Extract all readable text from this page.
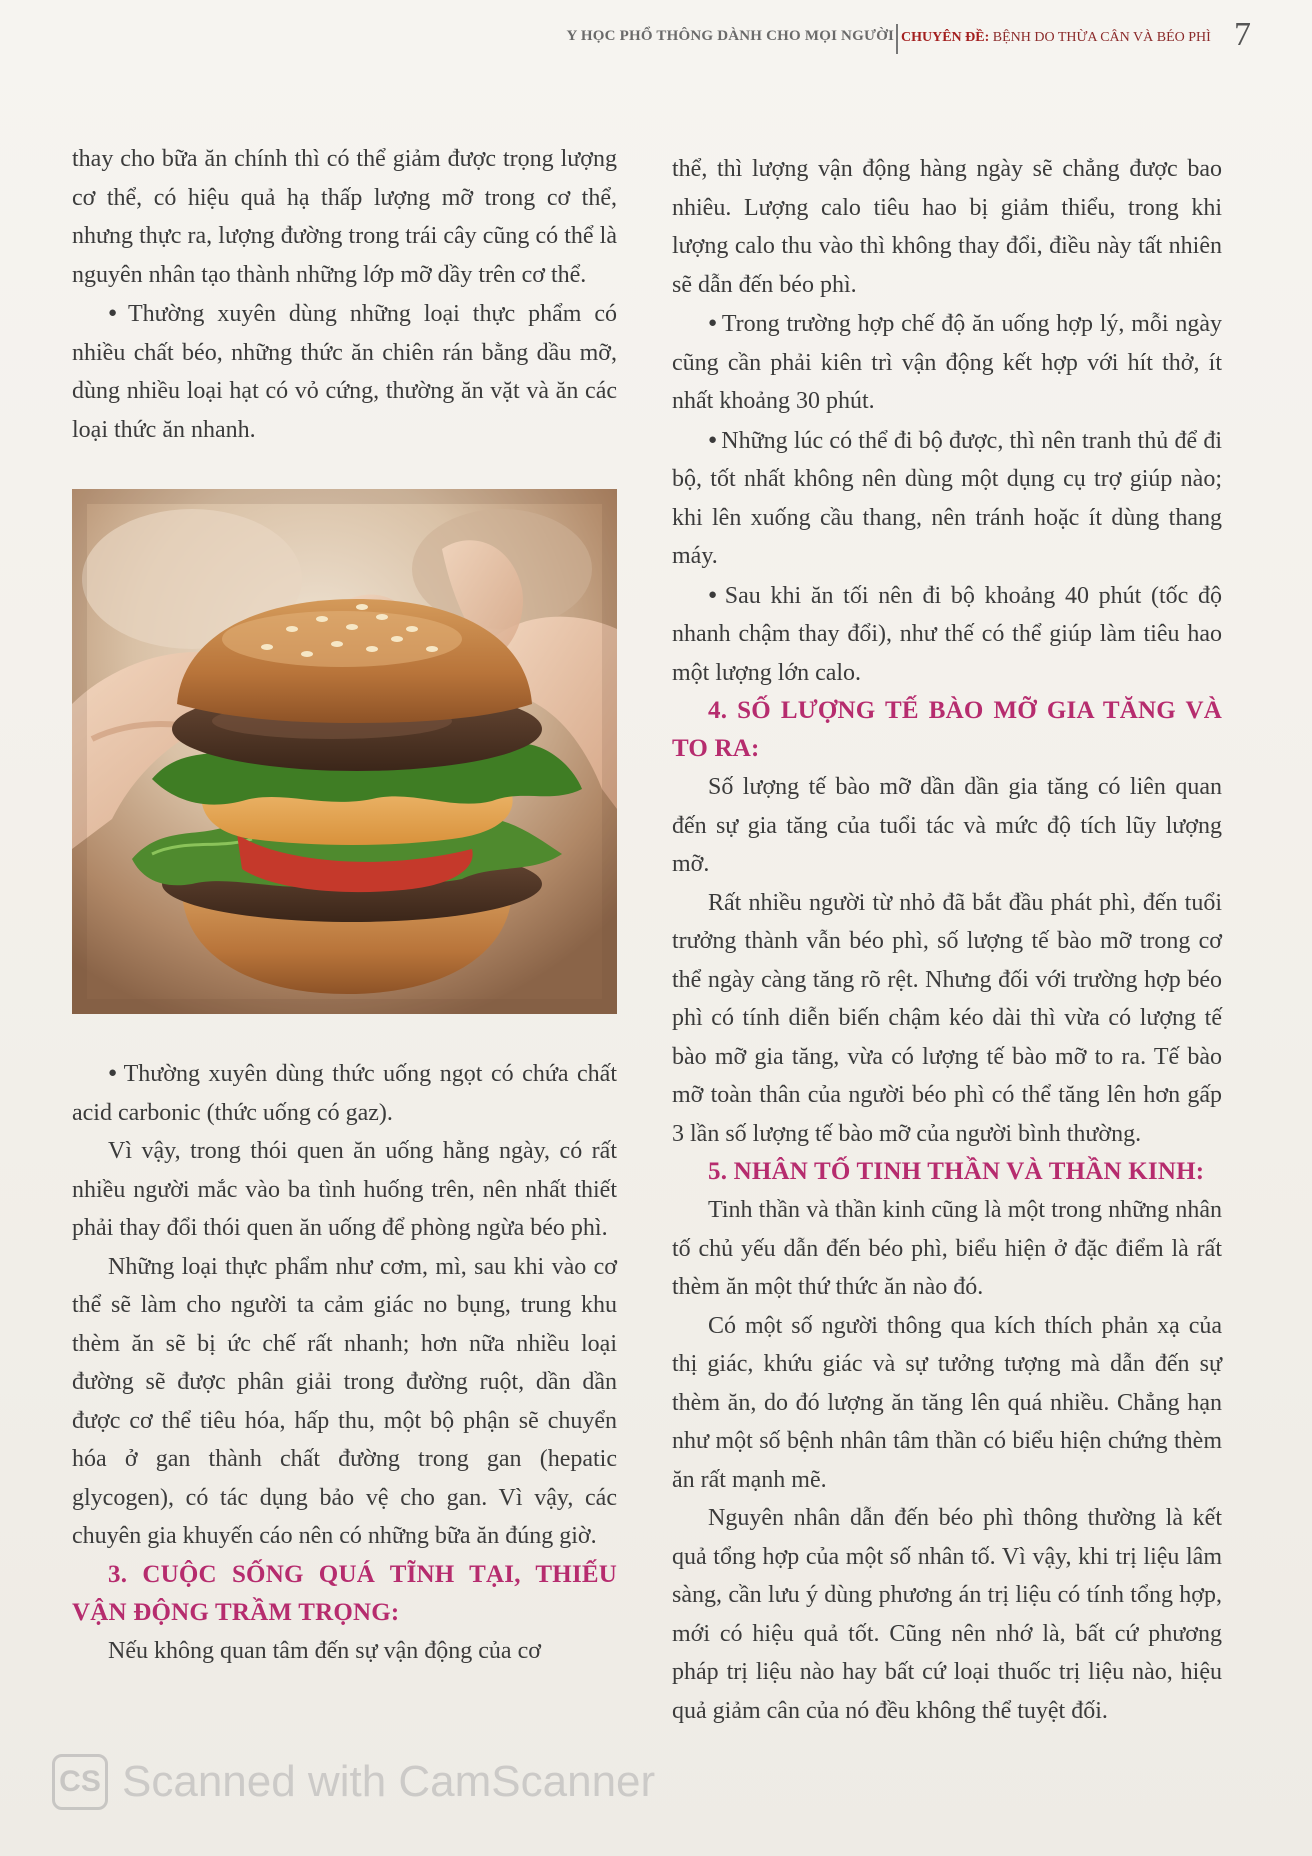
Y HỌC PHỔ THÔNG DÀNH CHO MỌI NGƯỜI CHUYÊN ĐỀ: BỆNH DO THỪA CÂN VÀ BÉO PHÌ 7

thay cho bữa ăn chính thì có thể giảm được trọng lượng cơ thể, có hiệu quả hạ thấp lượng mỡ trong cơ thể, nhưng thực ra, lượng đường trong trái cây cũng có thể là nguyên nhân tạo thành những lớp mỡ dầy trên cơ thể.

● Thường xuyên dùng những loại thực phẩm có nhiều chất béo, những thức ăn chiên rán bằng dầu mỡ, dùng nhiều loại hạt có vỏ cứng, thường ăn vặt và ăn các loại thức ăn nhanh.

● Thường xuyên dùng thức uống ngọt có chứa chất acid carbonic (thức uống có gaz).

Vì vậy, trong thói quen ăn uống hằng ngày, có rất nhiều người mắc vào ba tình huống trên, nên nhất thiết phải thay đổi thói quen ăn uống để phòng ngừa béo phì.

Những loại thực phẩm như cơm, mì, sau khi vào cơ thể sẽ làm cho người ta cảm giác no bụng, trung khu thèm ăn sẽ bị ức chế rất nhanh; hơn nữa nhiều loại đường sẽ được phân giải trong đường ruột, dần dần được cơ thể tiêu hóa, hấp thu, một bộ phận sẽ chuyển hóa ở gan thành chất đường trong gan (hepatic glycogen), có tác dụng bảo vệ cho gan. Vì vậy, các chuyên gia khuyến cáo nên có những bữa ăn đúng giờ.

3. CUỘC SỐNG QUÁ TĨNH TẠI, THIẾU VẬN ĐỘNG TRẦM TRỌNG:

Nếu không quan tâm đến sự vận động của cơ

thể, thì lượng vận động hàng ngày sẽ chẳng được bao nhiêu. Lượng calo tiêu hao bị giảm thiểu, trong khi lượng calo thu vào thì không thay đổi, điều này tất nhiên sẽ dẫn đến béo phì.

● Trong trường hợp chế độ ăn uống hợp lý, mỗi ngày cũng cần phải kiên trì vận động kết hợp với hít thở, ít nhất khoảng 30 phút.

● Những lúc có thể đi bộ được, thì nên tranh thủ để đi bộ, tốt nhất không nên dùng một dụng cụ trợ giúp nào; khi lên xuống cầu thang, nên tránh hoặc ít dùng thang máy.

● Sau khi ăn tối nên đi bộ khoảng 40 phút (tốc độ nhanh chậm thay đổi), như thế có thể giúp làm tiêu hao một lượng lớn calo.

4. SỐ LƯỢNG TẾ BÀO MỠ GIA TĂNG VÀ TO RA:

Số lượng tế bào mỡ dần dần gia tăng có liên quan đến sự gia tăng của tuổi tác và mức độ tích lũy lượng mỡ.

Rất nhiều người từ nhỏ đã bắt đầu phát phì, đến tuổi trưởng thành vẫn béo phì, số lượng tế bào mỡ trong cơ thể ngày càng tăng rõ rệt. Nhưng đối với trường hợp béo phì có tính diễn biến chậm kéo dài thì vừa có lượng tế bào mỡ gia tăng, vừa có lượng tế bào mỡ to ra. Tế bào mỡ toàn thân của người béo phì có thể tăng lên hơn gấp 3 lần số lượng tế bào mỡ của người bình thường.

5. NHÂN TỐ TINH THẦN VÀ THẦN KINH:

Tinh thần và thần kinh cũng là một trong những nhân tố chủ yếu dẫn đến béo phì, biểu hiện ở đặc điểm là rất thèm ăn một thứ thức ăn nào đó.

Có một số người thông qua kích thích phản xạ của thị giác, khứu giác và sự tưởng tượng mà dẫn đến sự thèm ăn, do đó lượng ăn tăng lên quá nhiều. Chẳng hạn như một số bệnh nhân tâm thần có biểu hiện chứng thèm ăn rất mạnh mẽ.

Nguyên nhân dẫn đến béo phì thông thường là kết quả tổng hợp của một số nhân tố. Vì vậy, khi trị liệu lâm sàng, cần lưu ý dùng phương án trị liệu có tính tổng hợp, mới có hiệu quả tốt. Cũng nên nhớ là, bất cứ phương pháp trị liệu nào hay bất cứ loại thuốc trị liệu nào, hiệu quả giảm cân của nó đều không thể tuyệt đối.

CS Scanned with CamScanner
